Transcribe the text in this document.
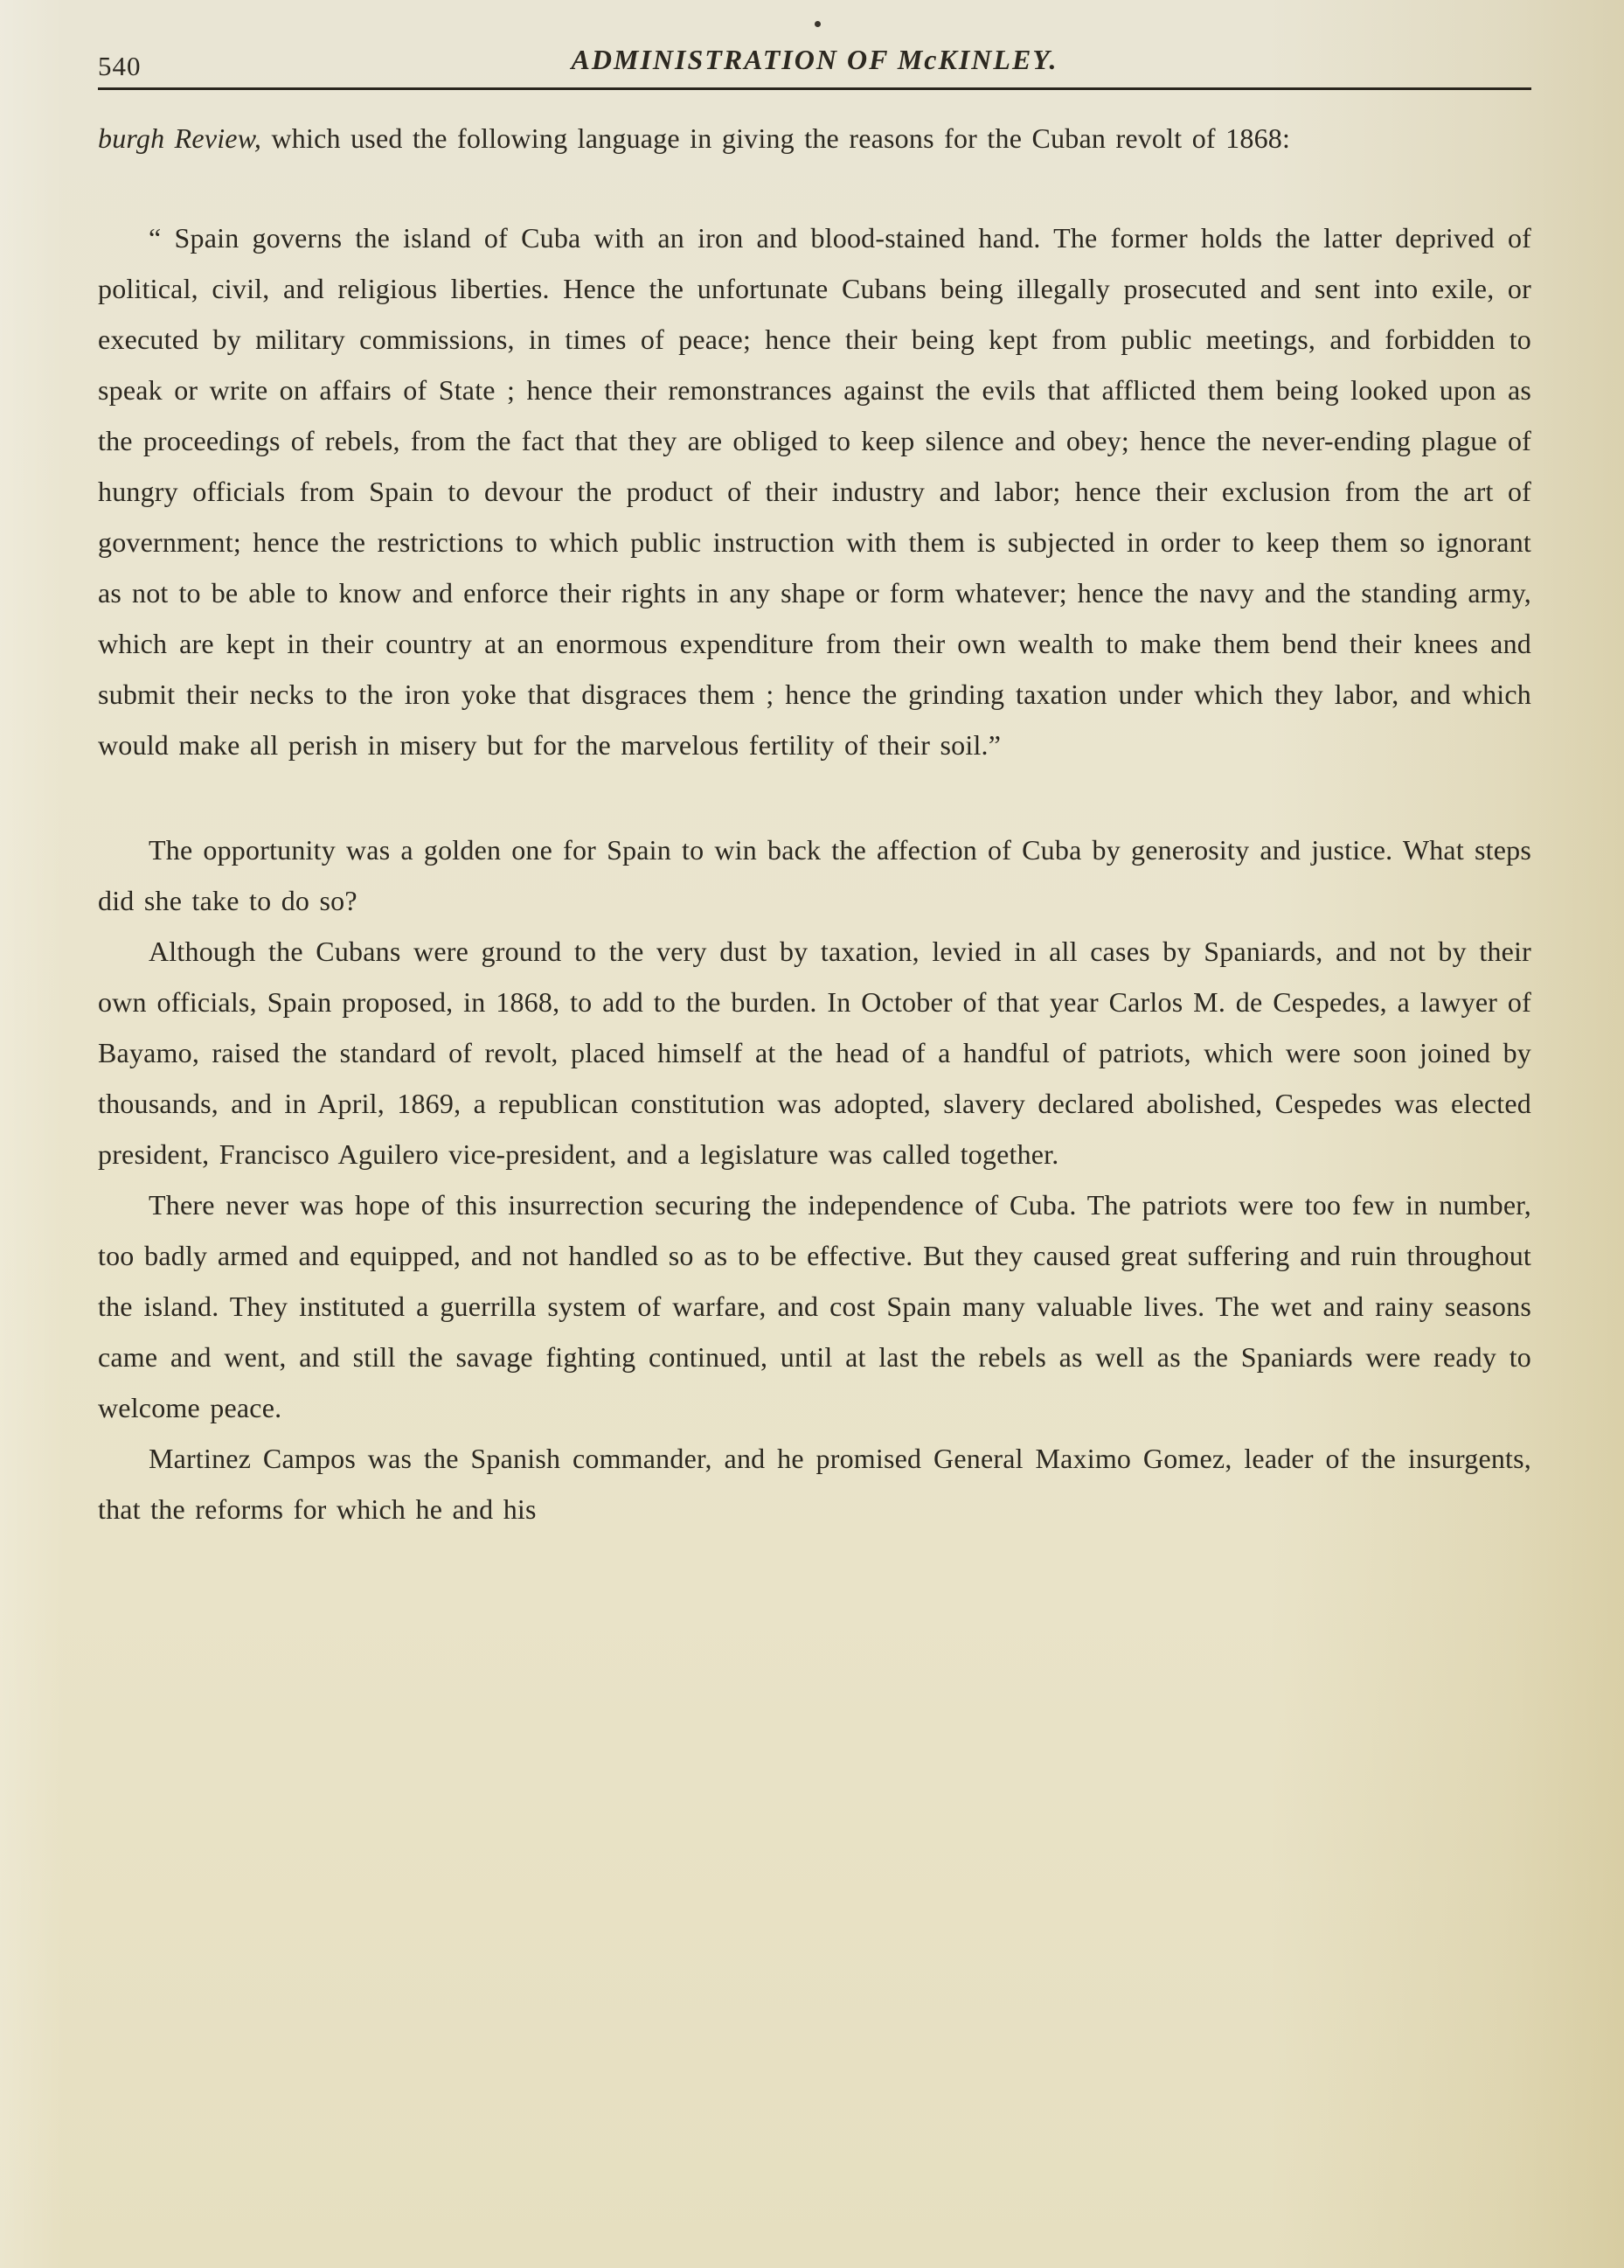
540	ADMINISTRATION OF McKINLEY.

burgh Review, which used the following language in giving the reasons for the Cuban revolt of 1868:

“ Spain governs the island of Cuba with an iron and blood-stained hand. The former holds the latter deprived of political, civil, and religious liberties. Hence the unfortunate Cubans being illegally prosecuted and sent into exile, or executed by military commissions, in times of peace; hence their being kept from public meetings, and forbidden to speak or write on affairs of State ; hence their remonstrances against the evils that afflicted them being looked upon as the proceedings of rebels, from the fact that they are obliged to keep silence and obey; hence the never-ending plague of hungry officials from Spain to devour the product of their industry and labor; hence their exclusion from the art of government; hence the restrictions to which public instruction with them is subjected in order to keep them so ignorant as not to be able to know and enforce their rights in any shape or form whatever; hence the navy and the standing army, which are kept in their country at an enormous expenditure from their own wealth to make them bend their knees and submit their necks to the iron yoke that disgraces them ; hence the grinding taxation under which they labor, and which would make all perish in misery but for the marvelous fertility of their soil.”

The opportunity was a golden one for Spain to win back the affection of Cuba by generosity and justice. What steps did she take to do so?

Although the Cubans were ground to the very dust by taxation, levied in all cases by Spaniards, and not by their own officials, Spain proposed, in 1868, to add to the burden. In October of that year Carlos M. de Cespedes, a lawyer of Bayamo, raised the standard of revolt, placed himself at the head of a handful of patriots, which were soon joined by thousands, and in April, 1869, a republican constitution was adopted, slavery declared abolished, Cespedes was elected president, Francisco Aguilero vice-president, and a legislature was called together.

There never was hope of this insurrection securing the independence of Cuba. The patriots were too few in number, too badly armed and equipped, and not handled so as to be effective. But they caused great suffering and ruin throughout the island. They instituted a guerrilla system of warfare, and cost Spain many valuable lives. The wet and rainy seasons came and went, and still the savage fighting continued, until at last the rebels as well as the Spaniards were ready to welcome peace.

Martinez Campos was the Spanish commander, and he promised General Maximo Gomez, leader of the insurgents, that the reforms for which he and his
